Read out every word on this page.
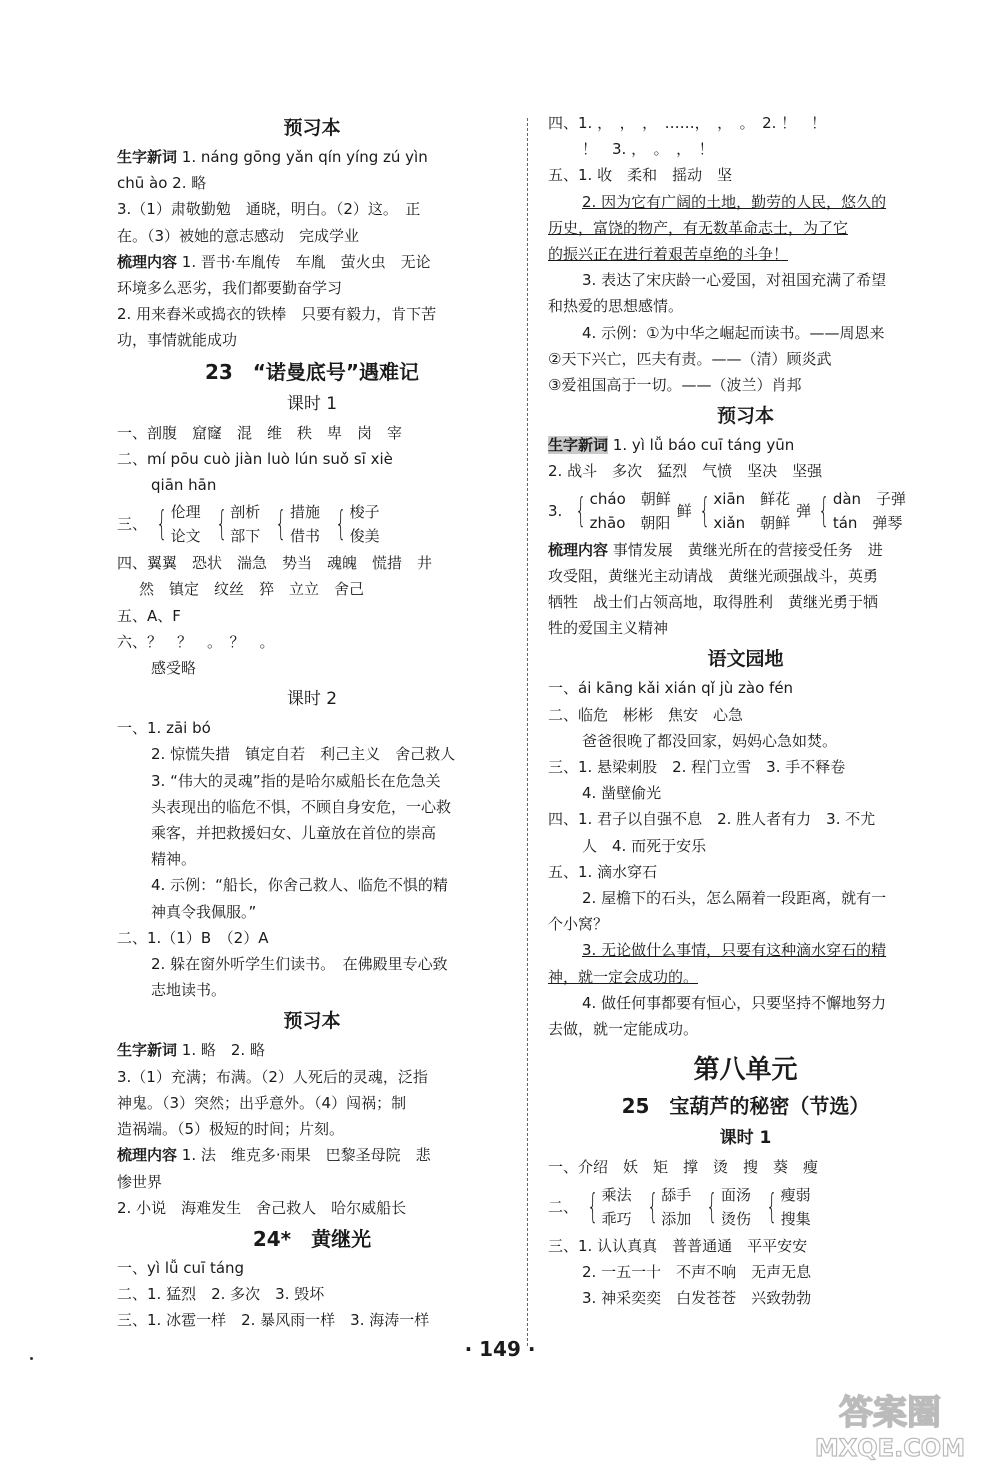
预习本
生字新词 1. náng gōng yǎn qín yíng zú yìn
chū ào 2. 略
3.（1）肃敬勤勉　通晓，明白。（2）这。　正
在。（3）被她的意志感动　完成学业
梳理内容 1. 晋书·车胤传　车胤　萤火虫　无论
环境多么恶劣，我们都要勤奋学习
2. 用来舂米或捣衣的铁棒　只要有毅力，肯下苦
功，事情就能成功
23　“诺曼底号”遇难记
课时 1
一、剖腹　窟窿　混　维　秩　卑　岗　宰
二、mí pōu cuò jiàn luò lún suǒ sī xiè
qiān hān
三、 { 伦理
论文 { 剖析
部下 { 措施
借书 { 梭子
俊美
四、翼翼　恐状　湍急　势当　魂魄　慌措　井
然　镇定　纹丝　猝　立立　舍己
五、A、F
六、？　？　。　？　。
感受略
课时 2
一、1. zāi bó
2. 惊慌失措　镇定自若　利己主义　舍己救人
3. “伟大的灵魂”指的是哈尔威船长在危急关
头表现出的临危不惧，不顾自身安危，一心救
乘客，并把救援妇女、儿童放在首位的崇高
精神。
4. 示例：“船长，你舍己救人、临危不惧的精
神真令我佩服。”
二、1.（1）B　（2）A
2. 躲在窗外听学生们读书。　在佛殿里专心致
志地读书。
预习本
生字新词 1. 略　2. 略
3.（1）充满；布满。（2）人死后的灵魂，泛指
神鬼。（3）突然；出乎意外。（4）闯祸；制
造祸端。（5）极短的时间；片刻。
梳理内容 1. 法　维克多·雨果　巴黎圣母院　悲
惨世界
2. 小说　海难发生　舍己救人　哈尔威船长
24*　黄继光
一、yì lǚ cuī táng
二、1. 猛烈　2. 多次　3. 毁坏
三、1. 冰雹一样　2. 暴风雨一样　3. 海涛一样
四、1. ，　，　，　……，　，　。　2. ！　！
！　3. ，　。　，　！
五、1. 收　柔和　摇动　坚
2. 因为它有广阔的土地，勤劳的人民，悠久的
历史，富饶的物产，有无数革命志士，为了它
的振兴正在进行着艰苦卓绝的斗争！
3. 表达了宋庆龄一心爱国，对祖国充满了希望
和热爱的思想感情。
4. 示例：①为中华之崛起而读书。——周恩来
②天下兴亡，匹夫有责。——（清）顾炎武
③爱祖国高于一切。——（波兰）肖邦
预习本
生字新词 1. yì lǚ báo cuī táng yūn
2. 战斗　多次　猛烈　气愤　坚决　坚强
3. { cháo　朝鲜
zhāo　朝阳
鲜 { xiān　鲜花
xiǎn　朝鲜
弹 { dàn　子弹
tán　弹琴
梳理内容 事情发展　黄继光所在的营接受任务　进
攻受阻，黄继光主动请战　黄继光顽强战斗，英勇
牺牲　战士们占领高地，取得胜利　黄继光勇于牺
牲的爱国主义精神
语文园地
一、ái kāng kǎi xián qǐ jù zào fén
二、临危　彬彬　焦安　心急
爸爸很晚了都没回家，妈妈心急如焚。
三、1. 悬梁刺股　2. 程门立雪　3. 手不释卷
4. 凿壁偷光
四、1. 君子以自强不息　2. 胜人者有力　3. 不尤
人　4. 而死于安乐
五、1. 滴水穿石
2. 屋檐下的石头，怎么隔着一段距离，就有一
个小窝？
3. 无论做什么事情，只要有这种滴水穿石的精
神，就一定会成功的。
4. 做任何事都要有恒心，只要坚持不懈地努力
去做，就一定能成功。
第八单元
25　宝葫芦的秘密（节选）
课时 1
一、介绍　妖　矩　撑　烫　搜　葵　瘦
二、 { 乘法
乖巧 { 舔手
添加 { 面汤
烫伤 { 瘦弱
搜集
三、1. 认认真真　普普通通　平平安安
2. 一五一十　不声不响　无声无息
3. 神采奕奕　白发苍苍　兴致勃勃
· 149 ·
答案圈
MXQE.COM
